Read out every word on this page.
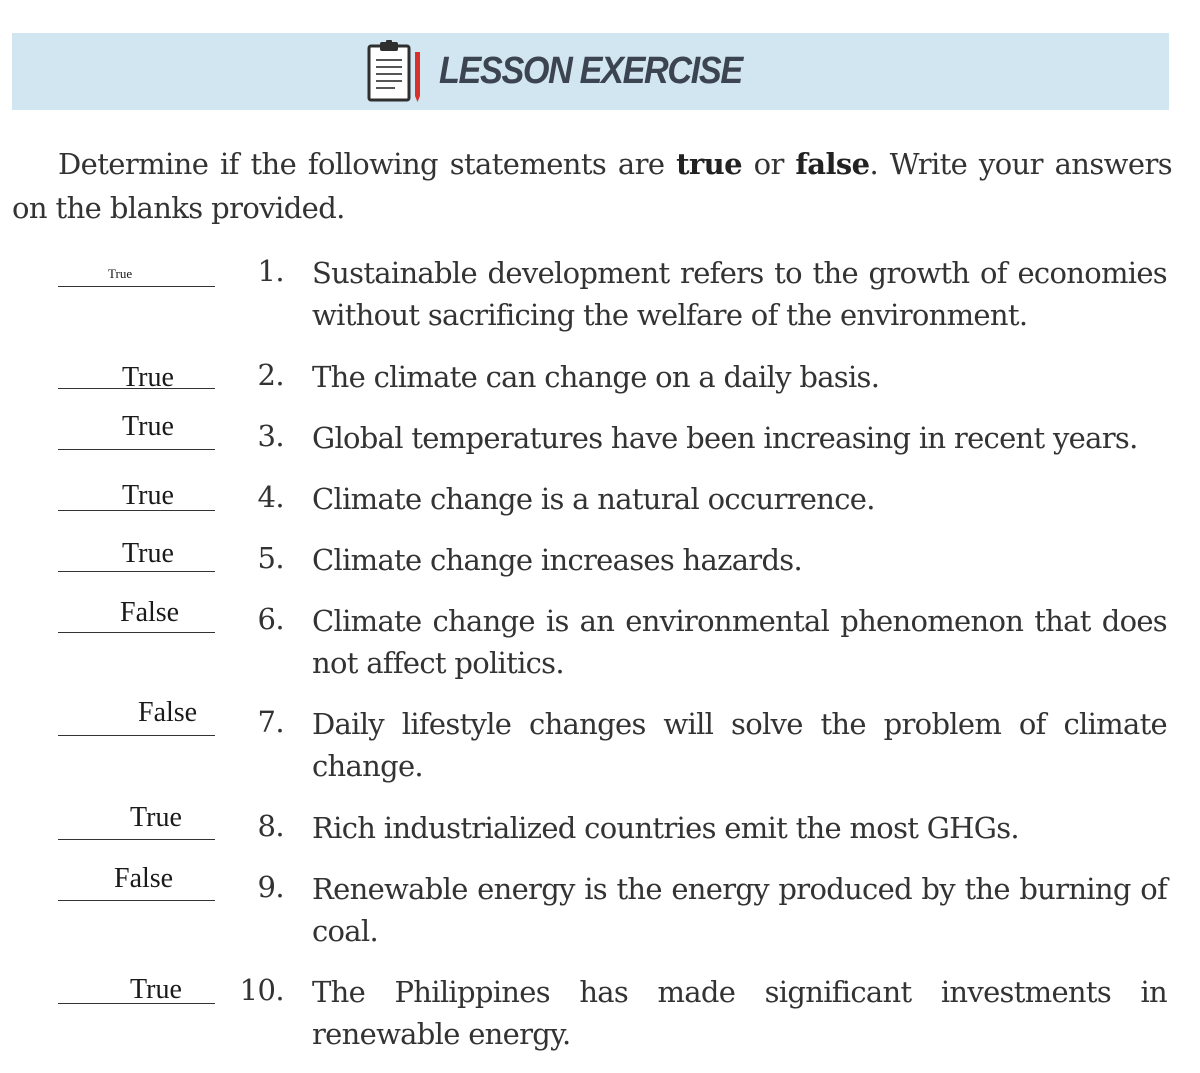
LESSON EXERCISE

Determine if the following statements are true or false. Write your answers on the blanks provided.

True	1. Sustainable development refers to the growth of economies without sacrificing the welfare of the environment.
True	2. The climate can change on a daily basis.
True	3. Global temperatures have been increasing in recent years.
True	4. Climate change is a natural occurrence.
True	5. Climate change increases hazards.
False	6. Climate change is an environmental phenomenon that does not affect politics.
False	7. Daily lifestyle changes will solve the problem of climate change.
True	8. Rich industrialized countries emit the most GHGs.
False	9. Renewable energy is the energy produced by the burning of coal.
True	10. The Philippines has made significant investments in renewable energy.
